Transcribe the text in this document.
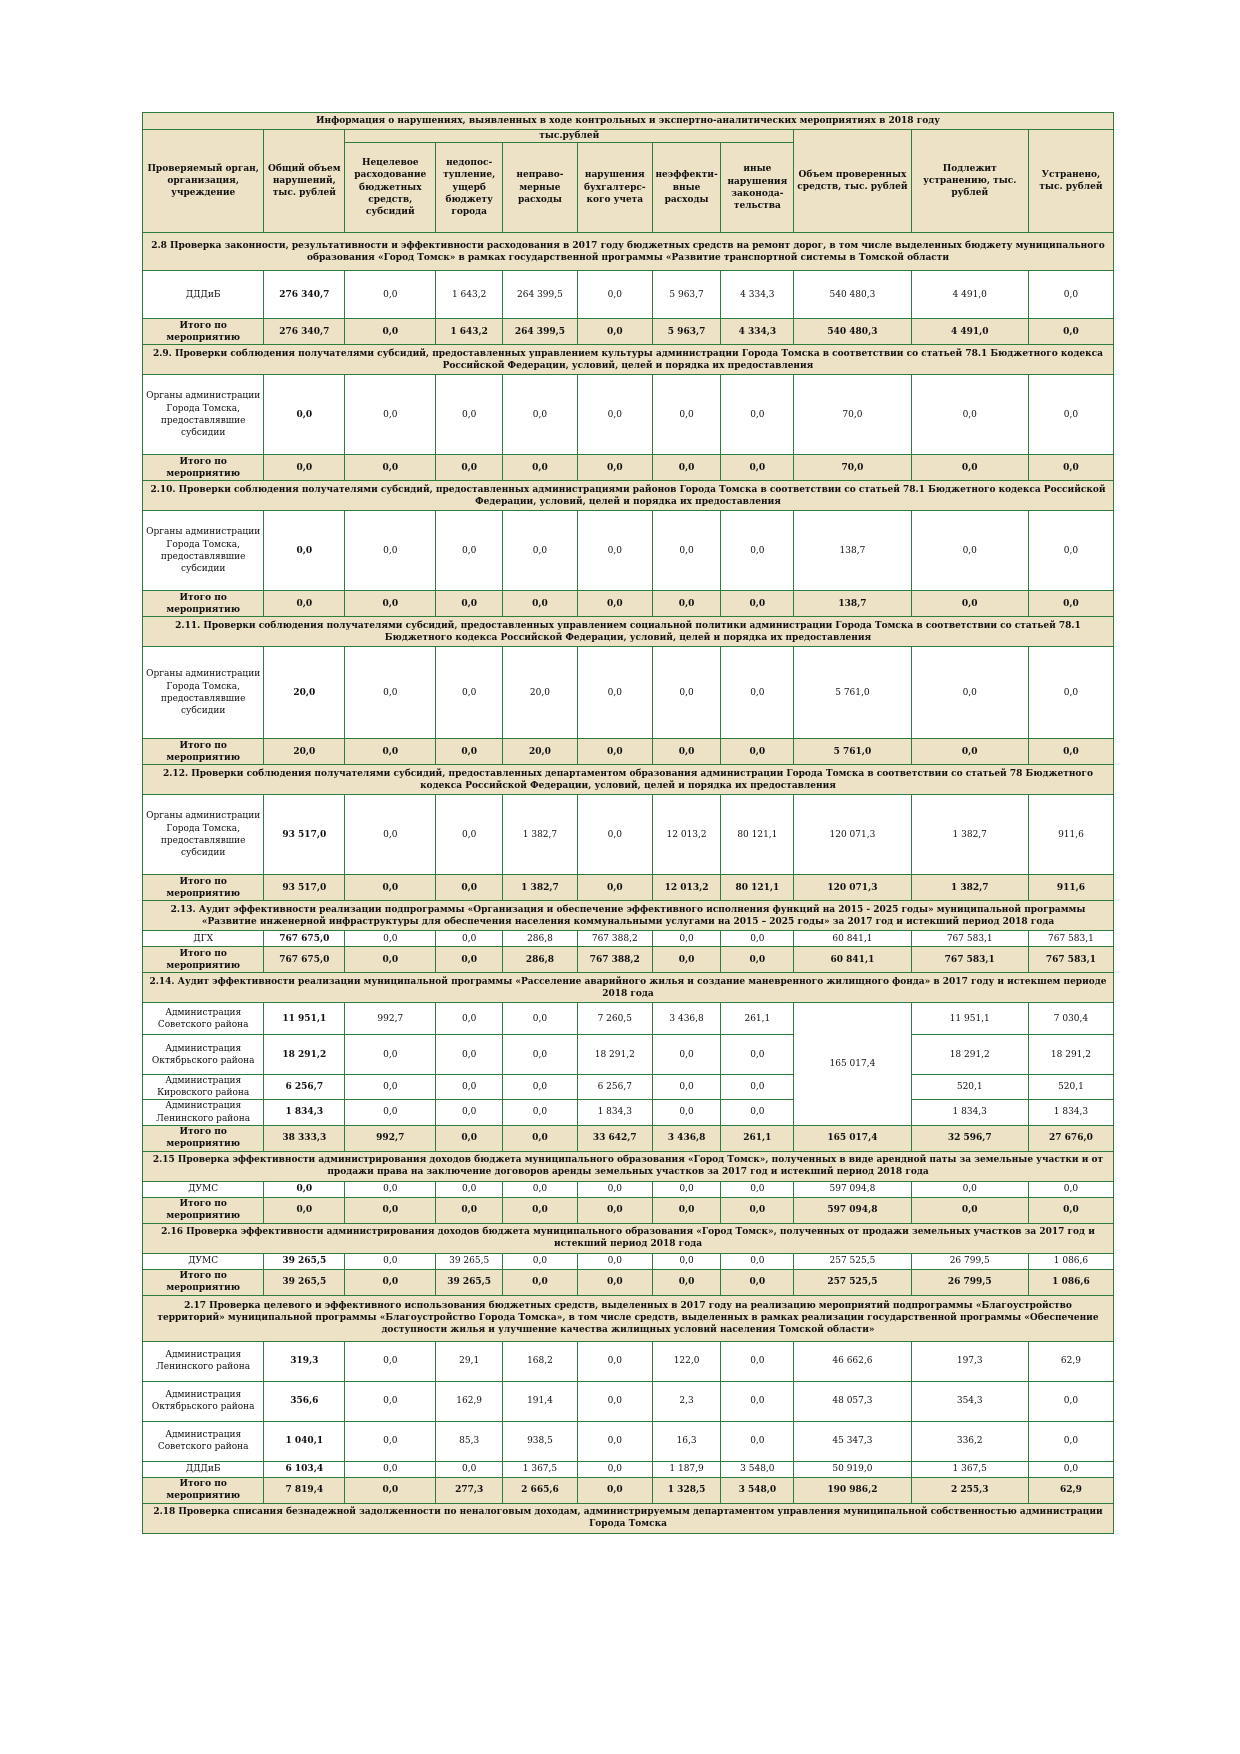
Информация о нарушениях, выявленных в ходе контрольных и экспертно-аналитических мероприятиях в 2018 году										
Проверяемый орган, организация, учреждение	Общий объем нарушений, тыс. рублей	тыс.рублей						Объем проверенных средств, тыс. рублей	Подлежит устранению, тыс. рублей	Устранено, тыс. рублей
		Нецелевое расходование бюджетных средств, субсидий	недопос-тупление, ущерб бюджету города	неправо-мерные расходы	нарушения бухгалтерс-кого учета	неэффекти-вные расходы	иные нарушения законода-тельства			
2.8 Проверка законности, результативности и эффективности расходования в 2017 году бюджетных средств на ремонт дорог, в том числе выделенных бюджету муниципального образования «Город Томск» в рамках государственной программы «Развитие транспортной системы в Томской области										
ДДДиБ	276 340,7	0,0	1 643,2	264 399,5	0,0	5 963,7	4 334,3	540 480,3	4 491,0	0,0
Итого по мероприятию	276 340,7	0,0	1 643,2	264 399,5	0,0	5 963,7	4 334,3	540 480,3	4 491,0	0,0
2.9. Проверки соблюдения получателями субсидий, предоставленных управлением культуры администрации Города Томска в соответствии со статьей 78.1 Бюджетного кодекса Российской Федерации, условий, целей и порядка их предоставления										
Органы администрации Города Томска, предоставлявшие субсидии	0,0	0,0	0,0	0,0	0,0	0,0	0,0	70,0	0,0	0,0
Итого по мероприятию	0,0	0,0	0,0	0,0	0,0	0,0	0,0	70,0	0,0	0,0
2.10. Проверки соблюдения получателями субсидий, предоставленных администрациями районов Города Томска в соответствии со статьей 78.1 Бюджетного кодекса Российской Федерации, условий, целей и порядка их предоставления										
Органы администрации Города Томска, предоставлявшие субсидии	0,0	0,0	0,0	0,0	0,0	0,0	0,0	138,7	0,0	0,0
Итого по мероприятию	0,0	0,0	0,0	0,0	0,0	0,0	0,0	138,7	0,0	0,0
2.11. Проверки соблюдения получателями субсидий, предоставленных управлением социальной политики администрации Города Томска в соответствии со статьей 78.1 Бюджетного кодекса Российской Федерации, условий, целей и порядка их предоставления										
Органы администрации Города Томска, предоставлявшие субсидии	20,0	0,0	0,0	20,0	0,0	0,0	0,0	5 761,0	0,0	0,0
Итого по мероприятию	20,0	0,0	0,0	20,0	0,0	0,0	0,0	5 761,0	0,0	0,0
2.12. Проверки соблюдения получателями субсидий, предоставленных департаментом образования администрации Города Томска в соответствии со статьей 78 Бюджетного кодекса Российской Федерации, условий, целей и порядка их предоставления										
Органы администрации Города Томска, предоставлявшие субсидии	93 517,0	0,0	0,0	1 382,7	0,0	12 013,2	80 121,1	120 071,3	1 382,7	911,6
Итого по мероприятию	93 517,0	0,0	0,0	1 382,7	0,0	12 013,2	80 121,1	120 071,3	1 382,7	911,6
2.13. Аудит эффективности реализации подпрограммы «Организация и обеспечение эффективного исполнения функций на 2015 - 2025 годы» муниципальной программы «Развитие инженерной инфраструктуры для обеспечения населения коммунальными услугами на 2015 – 2025 годы» за 2017 год и истекший период 2018 года										
ДГХ	767 675,0	0,0	0,0	286,8	767 388,2	0,0	0,0	60 841,1	767 583,1	767 583,1
Итого по мероприятию	767 675,0	0,0	0,0	286,8	767 388,2	0,0	0,0	60 841,1	767 583,1	767 583,1
2.14. Аудит эффективности реализации муниципальной программы «Расселение аварийного жилья и создание маневренного жилищного фонда» в 2017 году и истекшем периоде 2018 года										
Администрация Советского района	11 951,1	992,7	0,0	0,0	7 260,5	3 436,8	261,1	165 017,4	11 951,1	7 030,4
Администрация Октябрьского района	18 291,2	0,0	0,0	0,0	18 291,2	0,0	0,0		18 291,2	18 291,2
Администрация Кировского района	6 256,7	0,0	0,0	0,0	6 256,7	0,0	0,0		520,1	520,1
Администрация Ленинского района	1 834,3	0,0	0,0	0,0	1 834,3	0,0	0,0		1 834,3	1 834,3
Итого по мероприятию	38 333,3	992,7	0,0	0,0	33 642,7	3 436,8	261,1	165 017,4	32 596,7	27 676,0
2.15 Проверка эффективности администрирования доходов бюджета муниципального образования «Город Томск», полученных в виде арендной паты за земельные участки и от продажи права на заключение договоров аренды земельных участков за 2017 год и истекший период 2018 года										
ДУМС	0,0	0,0	0,0	0,0	0,0	0,0	0,0	597 094,8	0,0	0,0
Итого по мероприятию	0,0	0,0	0,0	0,0	0,0	0,0	0,0	597 094,8	0,0	0,0
2.16 Проверка эффективности администрирования доходов бюджета муниципального образования «Город Томск», полученных от продажи земельных участков за 2017 год и истекший период 2018 года										
ДУМС	39 265,5	0,0	39 265,5	0,0	0,0	0,0	0,0	257 525,5	26 799,5	1 086,6
Итого по мероприятию	39 265,5	0,0	39 265,5	0,0	0,0	0,0	0,0	257 525,5	26 799,5	1 086,6
2.17 Проверка целевого и эффективного использования бюджетных средств, выделенных в 2017 году на реализацию мероприятий подпрограммы «Благоустройство территорий» муниципальной программы «Благоустройство Города Томска», в том числе средств, выделенных в рамках реализации государственной программы «Обеспечение доступности жилья и улучшение качества жилищных условий населения Томской области»										
Администрация Ленинского района	319,3	0,0	29,1	168,2	0,0	122,0	0,0	46 662,6	197,3	62,9
Администрация Октябрьского района	356,6	0,0	162,9	191,4	0,0	2,3	0,0	48 057,3	354,3	0,0
Администрация Советского района	1 040,1	0,0	85,3	938,5	0,0	16,3	0,0	45 347,3	336,2	0,0
ДДДиБ	6 103,4	0,0	0,0	1 367,5	0,0	1 187,9	3 548,0	50 919,0	1 367,5	0,0
Итого по мероприятию	7 819,4	0,0	277,3	2 665,6	0,0	1 328,5	3 548,0	190 986,2	2 255,3	62,9
2.18 Проверка списания безнадежной задолженности по неналоговым доходам, администрируемым департаментом управления муниципальной собственностью администрации Города Томска										
